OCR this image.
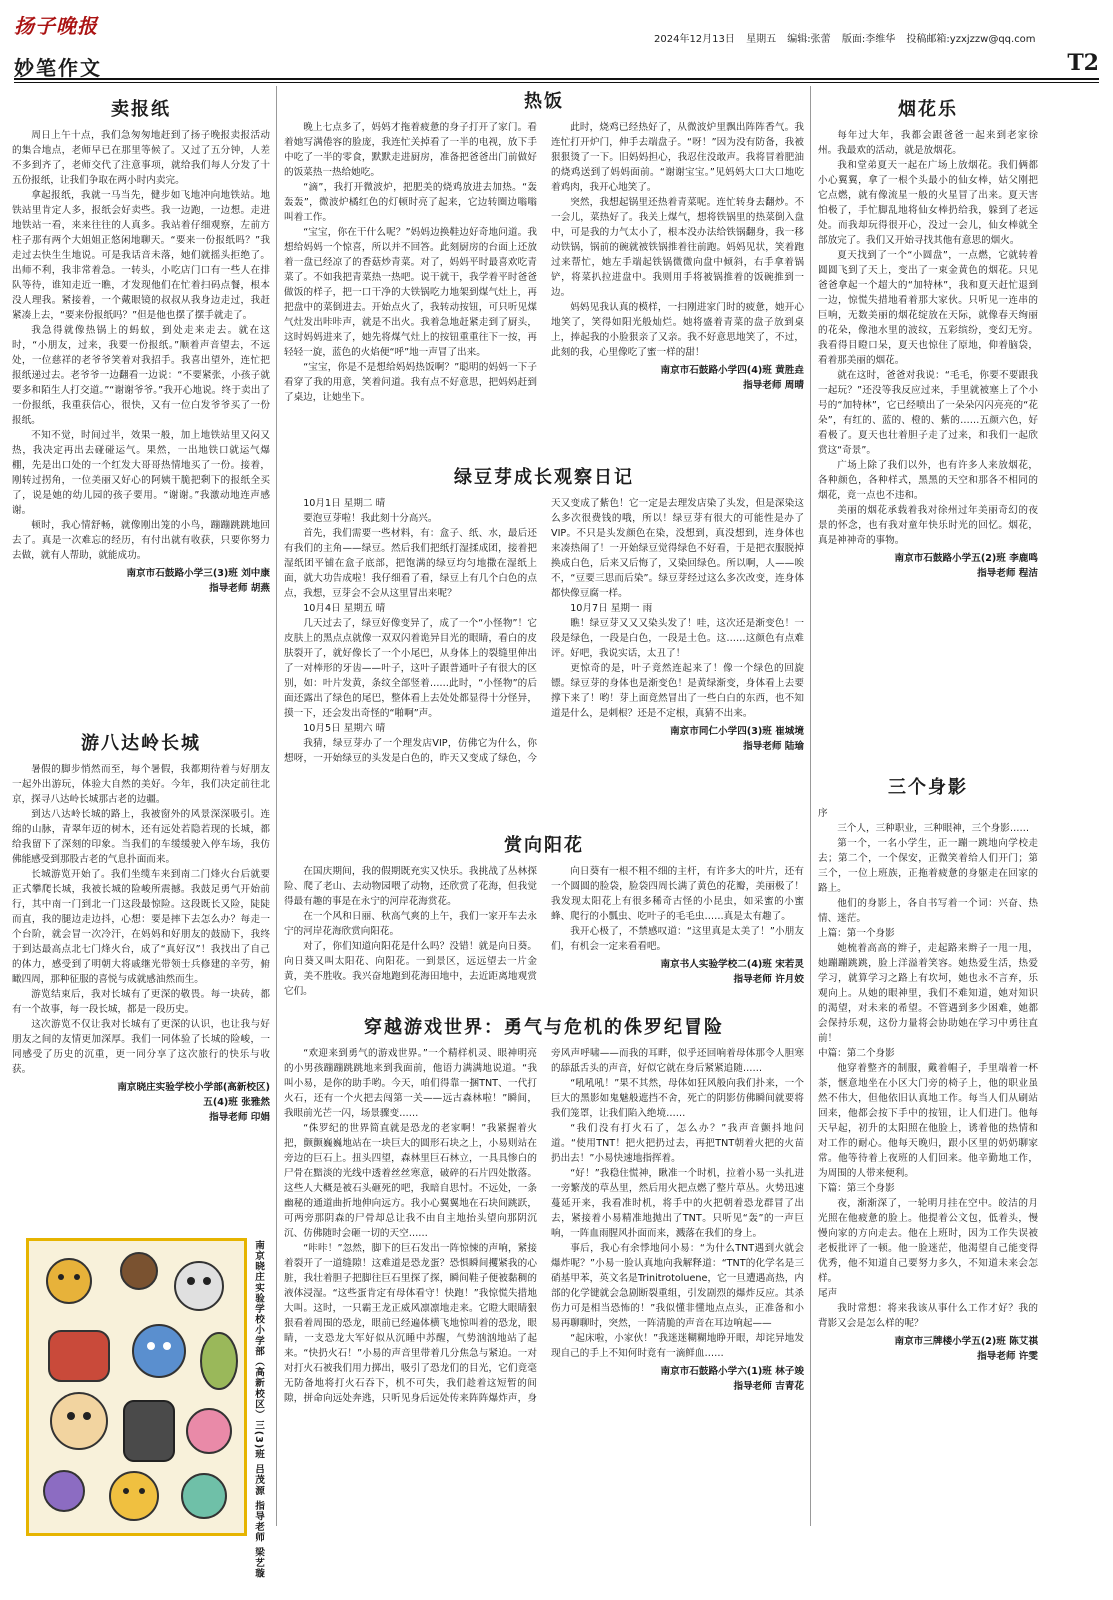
扬子晚报
2024年12月13日 星期五 编辑:张蕾 版面:李维华 投稿邮箱:yzxjzzw@qq.com
妙笔作文	T2
卖报纸

周日上午十点，我们急匆匆地赶到了扬子晚报卖报活动的集合地点，老师早已在那里等候了。又过了五分钟，人差不多到齐了，老师交代了注意事项，就给我们每人分发了十五份报纸，让我们争取在两小时内卖完。

拿起报纸，我就一马当先，健步如飞地冲向地铁站。地铁站里肯定人多，报纸会好卖些。我一边跑，一边想。走进地铁站一看，来来往往的人真多。我站着仔细观察，左前方柱子那有两个大姐姐正悠闲地聊天。“要来一份报纸吗？”我走过去快生生地说。可是我话音未落，她们就摇头拒绝了。出师不利，我非常着急。一转头，小吃店门口有一些人在排队等待，谁知走近一瞧，才发现他们在忙着扫码点餐，根本没人理我。紧接着，一个戴眼镜的叔叔从我身边走过，我赶紧凑上去，“要来份报纸吗？”但是他也摆了摆手就走了。

我急得就像热锅上的蚂蚁，到处走来走去。就在这时，“小朋友，过来，我要一份报纸。”顺着声音望去，不远处，一位慈祥的老爷爷笑着对我招手。我喜出望外，连忙把报纸递过去。老爷爷一边翻看一边说：“不要紧张，小孩子就要多和陌生人打交道。”“谢谢爷爷。”我开心地说。终于卖出了一份报纸，我重获信心，很快，又有一位白发爷爷买了一份报纸。

不知不觉，时间过半，效果一般，加上地铁站里又闷又热，我决定再出去碰碰运气。果然，一出地铁口就运气爆棚，先是出口处的一个红发大哥哥热情地买了一份。接着，刚转过拐角，一位美丽又好心的阿姨干脆把剩下的报纸全买了，说是她的幼儿园的孩子要用。“谢谢。”我激动地连声感谢。

顿时，我心情舒畅，就像刚出笼的小鸟，蹦蹦跳跳地回去了。真是一次难忘的经历，有付出就有收获，只要你努力去做，就有人帮助，就能成功。

南京市石鼓路小学三(3)班 刘中康
指导老师 胡燕
游八达岭长城

暑假的脚步悄然而至，每个暑假，我都期待着与好朋友一起外出游玩，体验大自然的美好。今年，我们决定前往北京，探寻八达岭长城那古老的边疆。

到达八达岭长城的路上，我被窗外的风景深深吸引。连绵的山脉，青翠年迈的树木，还有远处若隐若现的长城，都给我留下了深刻的印象。当我们的车缓缓驶入停车场，我仿佛能感受到那股古老的气息扑面而来。

长城游览开始了。我们坐缆车来到南二门烽火台后就要正式攀爬长城，我被长城的险峻所震撼。我鼓足勇气开始前行，其中南一门到北一门这段最惊险。这段既长又险，陡陡而直，我的腿边走边抖，心想：要是摔下去怎么办？每走一个台阶，就会冒一次冷汗，在妈妈和好朋友的鼓励下，我终于到达最高点北七门烽火台，成了“真好汉”！我找出了自己的体力，感受到了明朝大将戚继光带领士兵修建的辛劳，俯瞰四周，那种征服的喜悦与成就感油然而生。

游览结束后，我对长城有了更深的敬畏。每一块砖，都有一个故事，每一段长城，都是一段历史。

这次游览不仅让我对长城有了更深的认识，也让我与好朋友之间的友情更加深厚。我们一同体验了长城的险峻，一同感受了历史的沉重，更一同分享了这次旅行的快乐与收获。

南京晓庄实验学校小学部(高新校区)
五(4)班 张雅然
指导老师 印娟
南京晓庄实验学校小学部（高新校区）三(3)班 吕茂源 指导老师 梁艺璇
热饭

晚上七点多了，妈妈才拖着疲惫的身子打开了家门。看着她写满倦容的脸庞，我连忙关掉看了一半的电视，放下手中吃了一半的零食，默默走进厨房，准备把爸爸出门前做好的饭菜热一热给她吃。

“滴”，我打开微波炉，把肥美的烧鸡放进去加热。“轰轰轰”，微波炉橘红色的灯顿时亮了起来，它边转圈边嗡嗡叫着工作。

“宝宝，你在干什么呢？”妈妈边换鞋边好奇地问道。我想给妈妈一个惊喜，所以并不回答。此刻厨房的台面上还放着一盘已经凉了的香菇炒青菜。对了，妈妈平时最喜欢吃青菜了。不如我把青菜热一热吧。说干就干，我学着平时爸爸做饭的样子，把一口干净的大铁锅吃力地架到煤气灶上，再把盘中的菜倒进去。开始点火了，我转动按钮，可只听见煤气灶发出咔咔声，就是不出火。我着急地赶紧走到了厨头，这时妈妈进来了，她先将煤气灶上的按钮重重往下一按，再轻轻一旋，蓝色的火焰便“呼”地一声冒了出来。

“宝宝，你是不是想给妈妈热饭啊？”聪明的妈妈一下子看穿了我的用意，笑着问道。我有点不好意思，把妈妈赶到了桌边，让她坐下。

此时，烧鸡已经热好了，从微波炉里飘出阵阵香气。我连忙打开炉门，伸手去端盘子。“呀！”因为没有防备，我被狠狠烫了一下。旧妈妈担心，我忍住没敢声。我将冒着肥油的烧鸡送到了妈妈面前。“谢谢宝宝。”见妈妈大口大口地吃着鸡肉，我开心地笑了。

突然，我想起锅里还热着青菜呢。连忙转身去翻炒。不一会儿，菜热好了。我关上煤气，想将铁锅里的热菜倒入盘中，可是我的力气太小了，根本没办法给铁锅翻身，我一移动铁锅，锅前的碗就被铁锅推着往前跑。妈妈见状，笑着跑过来帮忙，她左手端起铁锅微微向盘中倾斜，右手拿着锅铲，将菜扒拉进盘中。我则用手将被锅推着的饭碗推到一边。

妈妈见我认真的模样，一扫刚进家门时的疲惫，她开心地笑了，笑得如阳光般灿烂。她将盛着青菜的盘子放到桌上，捧起我的小脸狠亲了又亲。我不好意思地笑了，不过，此刻的我，心里像吃了蜜一样的甜！

南京市石鼓路小学四(4)班 黄胜垚
指导老师 周晴
绿豆芽成长观察日记
10月1日 星期二 晴

要泡豆芽啦！我此刻十分高兴。

首先，我们需要一些材料，有：盒子、纸、水，最后还有我们的主角——绿豆。然后我们把纸打湿揉成团，接着把湿纸团平铺在盒子底部，把饱满的绿豆均匀地撒在湿纸上面，就大功告成啦！我仔细看了看，绿豆上有几个白色的点点，我想，豆芽会不会从这里冒出来呢？

10月4日 星期五 晴

几天过去了，绿豆好像变异了，成了一个“小怪物”！它皮肤上的黑点点就像一双双闪着诡异目光的眼睛，看白的皮肤裂开了，就好像长了一个小尾巴，从身体上的裂缝里伸出了一对棒形的牙齿——叶子，这叶子跟普通叶子有很大的区别，如：叶片发黄，条纹全部竖着……此时，“小怪物”的后面还露出了绿色的尾巴，整体看上去处处都显得十分怪异，摸一下，还会发出奇怪的“啪啊”声。

10月5日 星期六 晴

我猜，绿豆芽办了一个理发店VIP，仿佛它为什么，你想呀，一开始绿豆的头发是白色的，昨天又变成了绿色，今天又变成了紫色！它一定是去理发店染了头发，但是深染这么多次很费钱的哦，所以！绿豆芽有很大的可能性是办了VIP。不只是头发颜色在染，没想到，真没想到，连身体也来凑热闹了！一开始绿豆觉得绿色不好看，于是把衣服脱掉换成白色，后来又后悔了，又染回绿色。所以啊，人——唉不，“豆要三思而后染”。绿豆芽经过这么多次改变，连身体都快像豆腐一样。

10月7日 星期一 雨

瞧！绿豆芽又又又染头发了！哇，这次还是渐变色！一段是绿色，一段是白色，一段是土色。这……这颜色有点难评。好吧，我说实话，太丑了！

更惊奇的是，叶子竟然连起来了！像一个绿色的回旋镖。绿豆芽的身体也是渐变色！是黄绿渐变，身体看上去要撑下来了！哟！芽上面竟然冒出了一些白白的东西，也不知道是什么，是刺根？还是不定根，真猜不出来。

南京市同仁小学四(3)班 崔城境
指导老师 陆瑜
赏向阳花

在国庆期间，我的假期既充实又快乐。我挑战了丛林探险、爬了老山、去动物园喂了动物，还欣赏了花海，但我觉得最有趣的事是在永宁的河岸花海赏花。

在一个风和日丽、秋高气爽的上午，我们一家开车去永宁的河岸花海欣赏向阳花。

对了，你们知道向阳花是什么吗？没错！就是向日葵。向日葵又叫太阳花、向阳花。一到景区，远远望去一片金黄，美不胜收。我兴奋地跑到花海田地中，去近距离地观赏它们。

向日葵有一根不粗不细的主杆，有许多大的叶片，还有一个圆圆的脸袋，脸袋四周长满了黄色的花瓣，美丽极了！我发现太阳花上有很多稀奇古怪的小昆虫，如采蜜的小蜜蜂、爬行的小瓢虫、吃叶子的毛毛虫……真是太有趣了。

我开心极了，不禁感叹道：“这里真是太美了！”小朋友们，有机会一定来看看吧。

南京书人实验学校二(4)班 宋若灵
指导老师 许月姣
穿越游戏世界：勇气与危机的侏罗纪冒险

“欢迎来到勇气的游戏世界。”一个精样机灵、眼神明亮的小男孩蹦蹦跳跳地来到我面前，他语力满满地说道。“我叫小易，是你的助手哟。今天，咱们得靠一捆TNT、一代打火石，还有一个火把去闯第一关——远古森林啦！”瞬间，我眼前光芒一闪，场景骤变……

“侏罗纪的世界简直就是恐龙的老家啊！”我紧握着火把，颤颤巍巍地站在一块巨大的圆形石块之上，小易则站在旁边的巨石上。扭头四望，森林里巨石林立，一具具惨白的尸骨在黯淡的光线中透着丝丝寒意，破碎的石片四处散落。这些人大概是被石头砸死的吧，我暗自思忖。不远处，一条幽秘的通道曲折地伸向远方。我小心翼翼地在石块间跳跃，可两旁那阴森的尸骨却总让我不由自主地抬头望向那阴沉沉、仿佛随时会砸一切的天空……

“咔咔！”忽然，脚下的巨石发出一阵惊悚的声响，紧接着裂开了一道缝隙！这难道是恐龙蛋？恐惧瞬间攫紧我的心脏，我壮着胆子把脚往巨石里探了探，瞬间鞋子便被黏稠的液体浸湿。“这些蛋肯定有母体看守！快跑！”我惊慌失措地大叫。这时，一只霸王龙正威风凛凛地走来。它瞪大眼睛狠狠看着周围的恐龙，眼前已经遍体横飞地惊叫着的恐龙，眼睛，一支恐龙大军好似从沉睡中苏醒，气势汹汹地站了起来。“快扔火石！”小易的声音里带着几分焦急与紧迫。一对对打火石被我们用力掷出，吸引了恐龙们的目光，它们竟毫无防备地将打火石吞下，机不可失，我们趁着这短暂的间隙，拼命向远处奔逃，只听见身后远处传来阵阵爆炸声，身旁风声呼啸——而我的耳畔，似乎还回响着母体那令人胆寒的舔舐舌头的声音，好似它就在身后紧紧追随……

“吼吼吼！”果不其然，母体如狂风般向我们扑来，一个巨大的黑影如鬼魅般遮挡不舍，死亡的阴影仿佛瞬间就要将我们笼罩，让我们陷入绝境……

“我们没有打火石了，怎么办？”我声音颤抖地问道。“使用TNT！把火把扔过去，再把TNT朝着火把的火苗扔出去！”小易快速地指挥着。

“好！”我稳住慌神，瞅准一个时机，拉着小易一头扎进一旁繁茂的草丛里，然后用火把点燃了整片草丛。火势迅速蔓延开来，我看准时机，将手中的火把朝着恐龙群冒了出去，紧接着小易精准地抛出了TNT。只听见“轰”的一声巨响，一阵血雨腥风扑面而来，溅落在我们的身上。

事后，我心有余悸地问小易：“为什么TNT遇到火就会爆炸呢？”小易一脸认真地向我解释道：“TNT的化学名是三硝基甲苯，英文名是Trinitrotoluene，它一旦遭遇高热，内部的化学键就会急剧断裂重组，引发剧烈的爆炸反应。其杀伤力可是相当恐怖的！”我似懂非懂地点点头，正准备和小易再聊聊时，突然，一阵清脆的声音在耳边响起——

“起床啦，小家伙！”我迷迷糊糊地睁开眼，却诧异地发现自己的手上不知何时竟有一滴鲜血……

南京市石鼓路小学六(1)班 林子竣
指导老师 吉青花
烟花乐

每年过大年，我都会跟爸爸一起来到老家徐州。我最欢的活动，就是放烟花。

我和堂弟夏天一起在广场上放烟花。我们俩都小心翼翼，拿了一根个头最小的仙女棒，姑父刚把它点燃，就有像流星一般的火星冒了出来。夏天害怕极了，手忙脚乱地将仙女棒扔给我，躲到了老远处。而我却玩得很开心，没过一会儿，仙女棒就全部放完了。我们又开始寻找其他有意思的烟火。

夏天找到了一个“小圆盘”，一点燃，它就转着圆圆飞到了天上，变出了一束金黄色的烟花。只见爸爸拿起一个超大的“加特林”，我和夏天赶忙退到一边，惊慌失措地看着那大家伙。只听见一连串的巨响，无数美丽的烟花绽放在天际，就像春天绚丽的花朵，像池水里的波纹，五彩缤纷，变幻无穷。我看得目瞪口呆，夏天也惊住了原地，仰着脑袋，看着那美丽的烟花。

就在这时，爸爸对我说：“毛毛，你要不要跟我一起玩？”还没等我反应过来，手里就被塞上了个小号的“加特林”，它已经喷出了一朵朵闪闪亮亮的“花朵”，有红的、蓝的、橙的、紫的……五颜六色，好看极了。夏天也壮着胆子走了过来，和我们一起欣赏这“奇景”。

广场上除了我们以外，也有许多人来放烟花，各种颜色，各种样式，黑黑的天空和那各不相同的烟花，竟一点也不违和。

美丽的烟花承载着我对徐州过年美丽奇幻的夜景的怀念，也有我对童年快乐时光的回忆。烟花，真是神神奇的事物。

南京市石鼓路小学五(2)班 李鹿鸣
指导老师 程洁
三个身影

序

三个人，三种职业，三种眼神，三个身影……

第一个，一名小学生，正一蹦一跳地向学校走去；第二个，一个保安，正微笑着给人们开门；第三个，一位上班族，正拖着疲惫的身躯走在回家的路上。

他们的身影上，各自书写着一个词：兴奋、热情、迷茫。

上篇：第一个身影

她梳着高高的辫子，走起路来辫子一甩一甩，她蹦蹦跳跳，脸上洋溢着笑容。她热爱生活，热爱学习，就算学习之路上有坎坷，她也永不言弃，乐观向上。从她的眼神里，我们不难知道，她对知识的渴望，对未来的希望。不管遇到多少困难，她都会保持乐观，这份力量将会协助她在学习中勇往直前！

中篇：第二个身影

他穿着整齐的制服，戴着帽子，手里端着一杯茶，惬意地坐在小区大门旁的椅子上，他的职业虽然不伟大，但他依旧认真地工作。每当人们从刷站回来，他都会按下手中的按钮，让人们进门。他每天早起，初升的太阳照在他脸上，诱着他的热情和对工作的耐心。他每天晚归，跟小区里的奶奶聊家常。他等待着上夜班的人们回来。他辛勤地工作，为周围的人带来便利。

下篇：第三个身影

夜，渐渐深了，一轮明月挂在空中。皎洁的月光照在他疲惫的脸上。他提着公文包，低着头，慢慢向家的方向走去。他在上班时，因为工作失误被老板批评了一顿。他一脸迷茫，他渴望自己能变得优秀，他不知道自己要努力多久，不知道未来会怎样。

尾声

我时常想：将来我该从事什么工作才好？我的背影又会是怎么样的呢？

南京市三牌楼小学五(2)班 陈艾祺
指导老师 许雯
